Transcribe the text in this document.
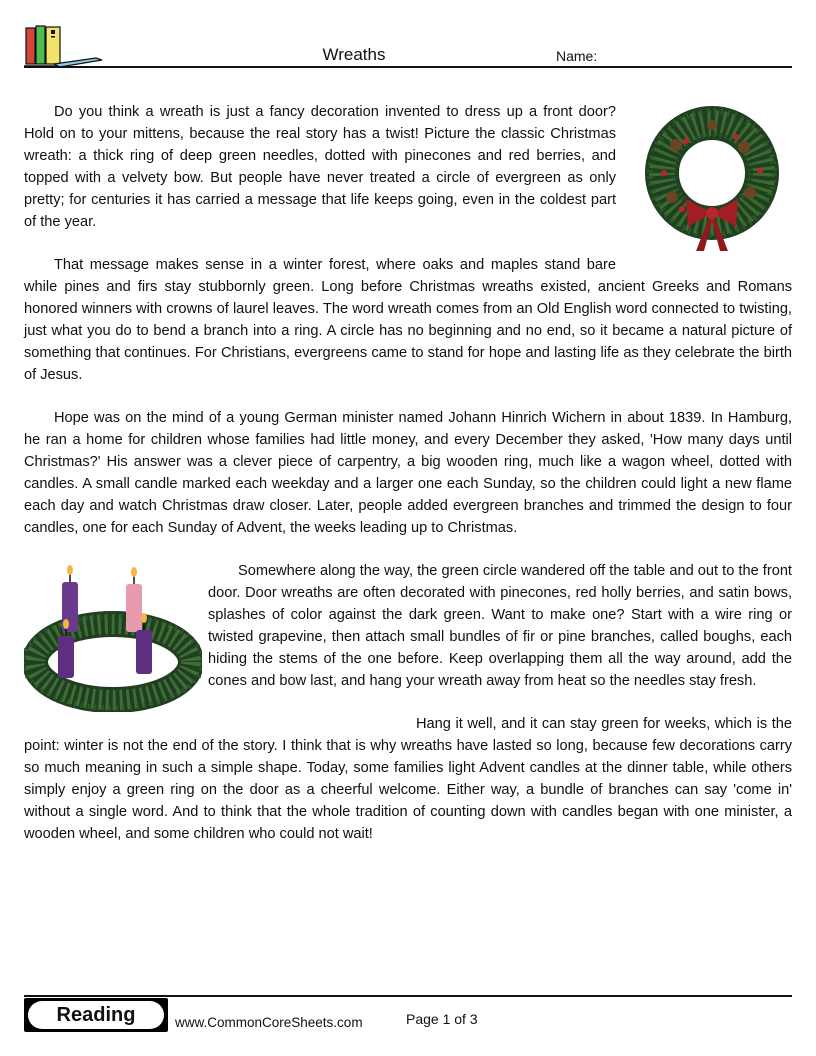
Wreaths	Name:

Do you think a wreath is just a fancy decoration invented to dress up a front door? Hold on to your mittens, because the real story has a twist! Picture the classic Christmas wreath: a thick ring of deep green needles, dotted with pinecones and red berries, and topped with a velvety bow. But people have never treated a circle of evergreen as only pretty; for centuries it has carried a message that life keeps going, even in the coldest part of the year.

That message makes sense in a winter forest, where oaks and maples stand bare while pines and firs stay stubbornly green. Long before Christmas wreaths existed, ancient Greeks and Romans honored winners with crowns of laurel leaves. The word wreath comes from an Old English word connected to twisting, just what you do to bend a branch into a ring. A circle has no beginning and no end, so it became a natural picture of something that continues. For Christians, evergreens came to stand for hope and lasting life as they celebrate the birth of Jesus.

Hope was on the mind of a young German minister named Johann Hinrich Wichern in about 1839. In Hamburg, he ran a home for children whose families had little money, and every December they asked, 'How many days until Christmas?' His answer was a clever piece of carpentry, a big wooden ring, much like a wagon wheel, dotted with candles. A small candle marked each weekday and a larger one each Sunday, so the children could light a new flame each day and watch Christmas draw closer. Later, people added evergreen branches and trimmed the design to four candles, one for each Sunday of Advent, the weeks leading up to Christmas.

Somewhere along the way, the green circle wandered off the table and out to the front door. Door wreaths are often decorated with pinecones, red holly berries, and satin bows, splashes of color against the dark green. Want to make one? Start with a wire ring or twisted grapevine, then attach small bundles of fir or pine branches, called boughs, each hiding the stems of the one before. Keep overlapping them all the way around, add the cones and bow last, and hang your wreath away from heat so the needles stay fresh.

Hang it well, and it can stay green for weeks, which is the point: winter is not the end of the story. I think that is why wreaths have lasted so long, because few decorations carry so much meaning in such a simple shape. Today, some families light Advent candles at the dinner table, while others simply enjoy a green ring on the door as a cheerful welcome. Either way, a bundle of branches can say 'come in' without a single word. And to think that the whole tradition of counting down with candles began with one minister, a wooden wheel, and some children who could not wait!

Reading	www.CommonCoreSheets.com	Page 1 of 3
